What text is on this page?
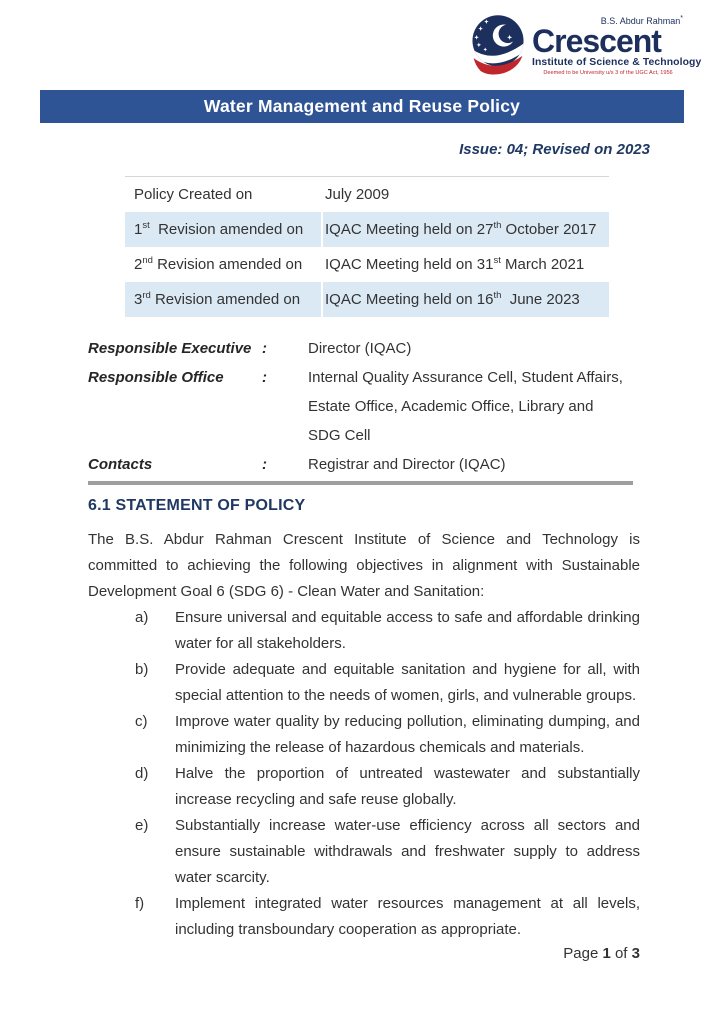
B.S. Abdur Rahman*
Crescent
Institute of Science & Technology
Deemed to be University u/s 3 of the UGC Act, 1956
Water Management and Reuse Policy
Issue: 04; Revised on 2023
Policy Created on	July 2009
1st  Revision amended on	IQAC Meeting held on 27th October 2017
2nd Revision amended on	IQAC Meeting held on 31st March 2021
3rd Revision amended on	IQAC Meeting held on 16th  June 2023
Responsible Executive :	Director (IQAC)
Responsible Office	:	Internal Quality Assurance Cell, Student Affairs,
Estate Office, Academic Office, Library and
SDG Cell
Contacts	:	Registrar and Director (IQAC)
6.1 STATEMENT OF POLICY

The B.S. Abdur Rahman Crescent Institute of Science and Technology is committed to achieving the following objectives in alignment with Sustainable Development Goal 6 (SDG 6) - Clean Water and Sanitation:

a)	Ensure universal and equitable access to safe and affordable drinking water for all stakeholders.
b)	Provide adequate and equitable sanitation and hygiene for all, with special attention to the needs of women, girls, and vulnerable groups.
c)	Improve water quality by reducing pollution, eliminating dumping, and minimizing the release of hazardous chemicals and materials.
d)	Halve the proportion of untreated wastewater and substantially increase recycling and safe reuse globally.
e)	Substantially increase water-use efficiency across all sectors and ensure sustainable withdrawals and freshwater supply to address water scarcity.
f)	Implement integrated water resources management at all levels, including transboundary cooperation as appropriate.
Page 1 of 3
